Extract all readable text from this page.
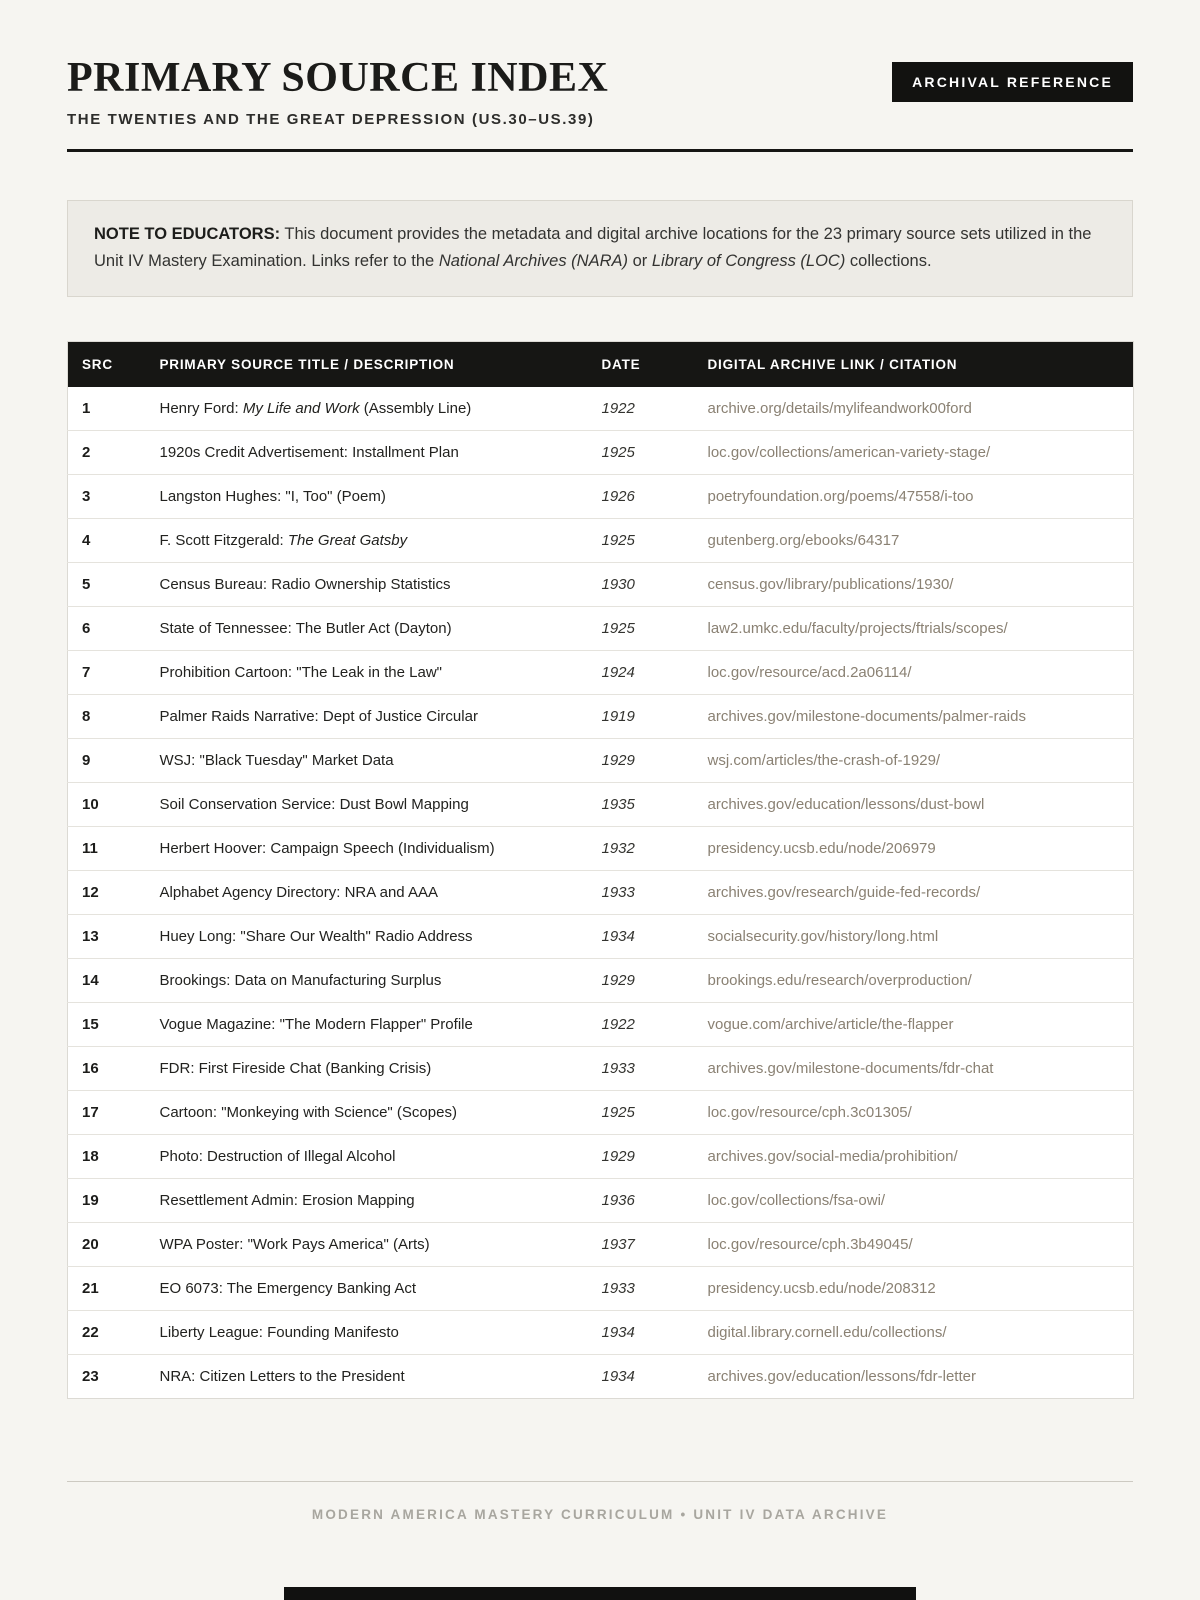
PRIMARY SOURCE INDEX
THE TWENTIES AND THE GREAT DEPRESSION (US.30–US.39)
ARCHIVAL REFERENCE
NOTE TO EDUCATORS: This document provides the metadata and digital archive locations for the 23 primary source sets utilized in the Unit IV Mastery Examination. Links refer to the National Archives (NARA) or Library of Congress (LOC) collections.
SRC	PRIMARY SOURCE TITLE / DESCRIPTION	DATE	DIGITAL ARCHIVE LINK / CITATION
1	Henry Ford: My Life and Work (Assembly Line)	1922	archive.org/details/mylifeandwork00ford
2	1920s Credit Advertisement: Installment Plan	1925	loc.gov/collections/american-variety-stage/
3	Langston Hughes: "I, Too" (Poem)	1926	poetryfoundation.org/poems/47558/i-too
4	F. Scott Fitzgerald: The Great Gatsby	1925	gutenberg.org/ebooks/64317
5	Census Bureau: Radio Ownership Statistics	1930	census.gov/library/publications/1930/
6	State of Tennessee: The Butler Act (Dayton)	1925	law2.umkc.edu/faculty/projects/ftrials/scopes/
7	Prohibition Cartoon: "The Leak in the Law"	1924	loc.gov/resource/acd.2a06114/
8	Palmer Raids Narrative: Dept of Justice Circular	1919	archives.gov/milestone-documents/palmer-raids
9	WSJ: "Black Tuesday" Market Data	1929	wsj.com/articles/the-crash-of-1929/
10	Soil Conservation Service: Dust Bowl Mapping	1935	archives.gov/education/lessons/dust-bowl
11	Herbert Hoover: Campaign Speech (Individualism)	1932	presidency.ucsb.edu/node/206979
12	Alphabet Agency Directory: NRA and AAA	1933	archives.gov/research/guide-fed-records/
13	Huey Long: "Share Our Wealth" Radio Address	1934	socialsecurity.gov/history/long.html
14	Brookings: Data on Manufacturing Surplus	1929	brookings.edu/research/overproduction/
15	Vogue Magazine: "The Modern Flapper" Profile	1922	vogue.com/archive/article/the-flapper
16	FDR: First Fireside Chat (Banking Crisis)	1933	archives.gov/milestone-documents/fdr-chat
17	Cartoon: "Monkeying with Science" (Scopes)	1925	loc.gov/resource/cph.3c01305/
18	Photo: Destruction of Illegal Alcohol	1929	archives.gov/social-media/prohibition/
19	Resettlement Admin: Erosion Mapping	1936	loc.gov/collections/fsa-owi/
20	WPA Poster: "Work Pays America" (Arts)	1937	loc.gov/resource/cph.3b49045/
21	EO 6073: The Emergency Banking Act	1933	presidency.ucsb.edu/node/208312
22	Liberty League: Founding Manifesto	1934	digital.library.cornell.edu/collections/
23	NRA: Citizen Letters to the President	1934	archives.gov/education/lessons/fdr-letter
MODERN AMERICA MASTERY CURRICULUM • UNIT IV DATA ARCHIVE
